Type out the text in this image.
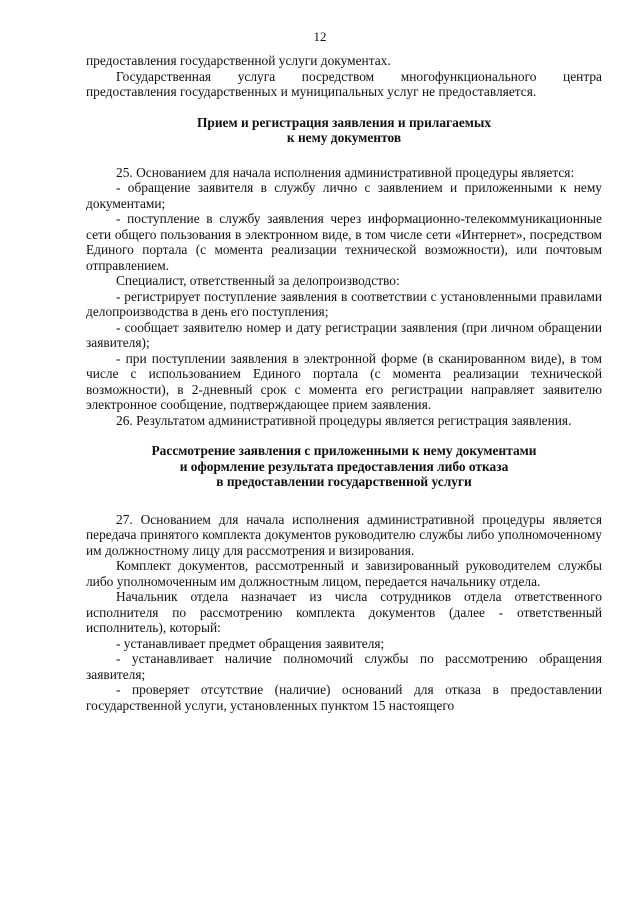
12

предоставления государственной услуги документах.

Государственная услуга посредством многофункционального центра предоставления государственных и муниципальных услуг не предоставляется.

Прием и регистрация заявления и прилагаемых

к нему документов

25. Основанием для начала исполнения административной процедуры является:

- обращение заявителя в службу лично с заявлением и приложенными к нему документами;

- поступление в службу заявления через информационно-телекоммуникационные сети общего пользования в электронном виде, в том числе сети «Интернет», посредством Единого портала (с момента реализации технической возможности), или почтовым отправлением.

Специалист, ответственный за делопроизводство:

- регистрирует поступление заявления в соответствии с установленными правилами делопроизводства в день его поступления;

- сообщает заявителю номер и дату регистрации заявления (при личном обращении заявителя);

- при поступлении заявления в электронной форме (в сканированном виде), в том числе с использованием Единого портала (с момента реализации технической возможности), в 2-дневный срок с момента его регистрации направляет заявителю электронное сообщение, подтверждающее прием заявления.

26. Результатом административной процедуры является регистрация заявления.

Рассмотрение заявления с приложенными к нему документами

и оформление результата предоставления либо отказа

в предоставлении государственной услуги

27. Основанием для начала исполнения административной процедуры является передача принятого комплекта документов руководителю службы либо уполномоченному им должностному лицу для рассмотрения и визирования.

Комплект документов, рассмотренный и завизированный руководителем службы либо уполномоченным им должностным лицом, передается начальнику отдела.

Начальник отдела назначает из числа сотрудников отдела ответственного исполнителя по рассмотрению комплекта документов (далее - ответственный исполнитель), который:

- устанавливает предмет обращения заявителя;

- устанавливает наличие полномочий службы по рассмотрению обращения заявителя;

- проверяет отсутствие (наличие) оснований для отказа в предоставлении государственной услуги, установленных пунктом 15 настоящего
